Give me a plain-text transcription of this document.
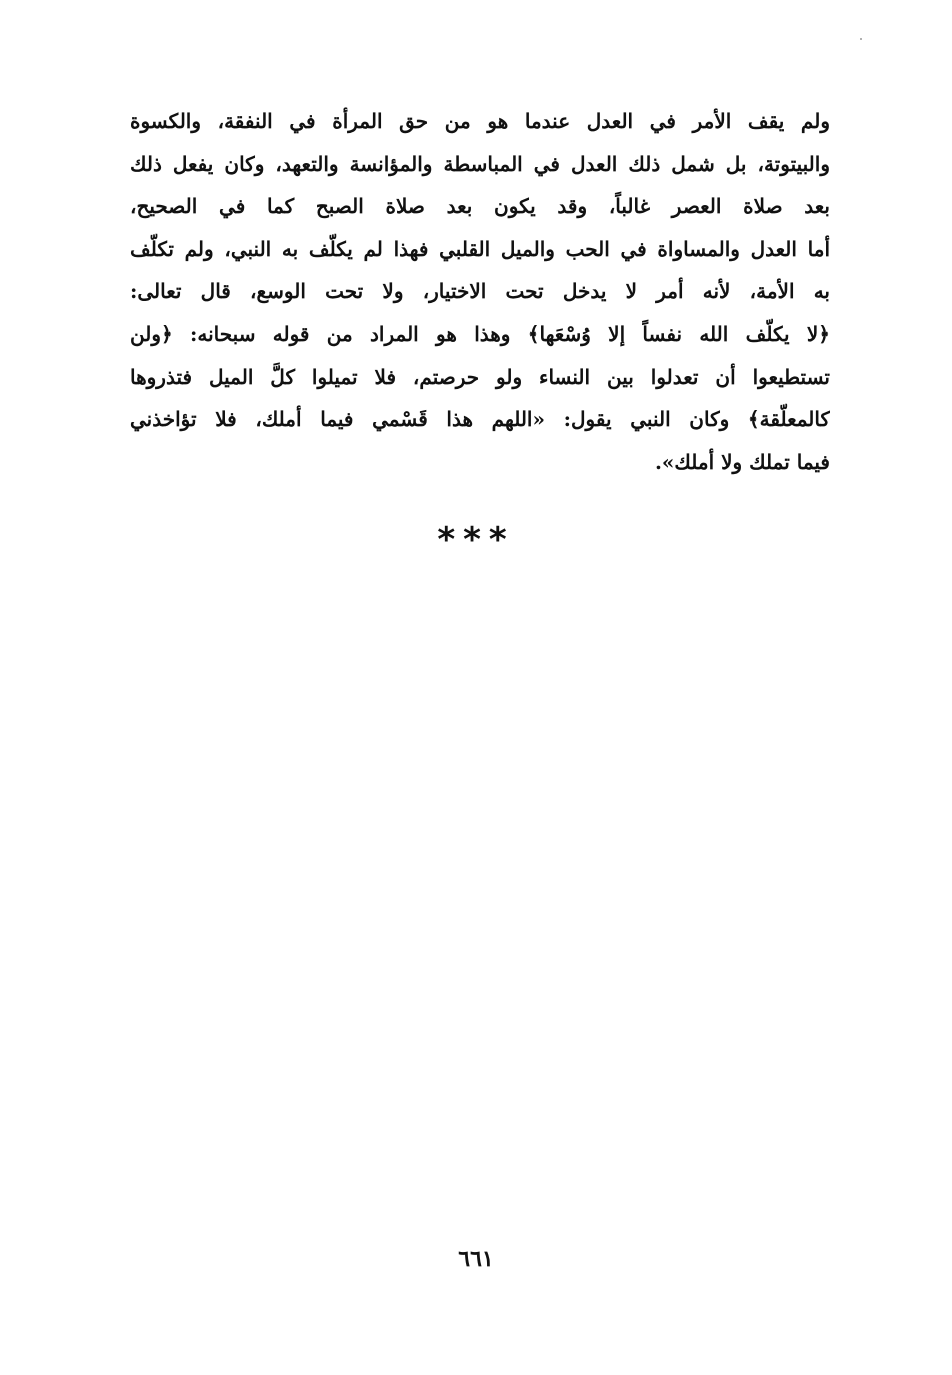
ولم يقف الأمر في العدل عندما هو من حق المرأة في النفقة، والكسوة
والبيتوتة، بل شمل ذلك العدل في المباسطة والمؤانسة والتعهد، وكان يفعل ذلك
بعد صلاة العصر غالباً، وقد يكون بعد صلاة الصبح كما في الصحيح،
أما العدل والمساواة في الحب والميل القلبي فهذا لم يكلّف به النبي، ولم تكلّف
به الأمة، لأنه أمر لا يدخل تحت الاختيار، ولا تحت الوسع، قال تعالى:
﴿لا يكلّف الله نفساً إلا وُسْعَها﴾ وهذا هو المراد من قوله سبحانه: ﴿ولن
تستطيعوا أن تعدلوا بين النساء ولو حرصتم، فلا تميلوا كلَّ الميل فتذروها
كالمعلّقة﴾ وكان النبي يقول: «اللهم هذا قَسْمي فيما أملك، فلا تؤاخذني
فيما تملك ولا أملك».
***
٦٦١
